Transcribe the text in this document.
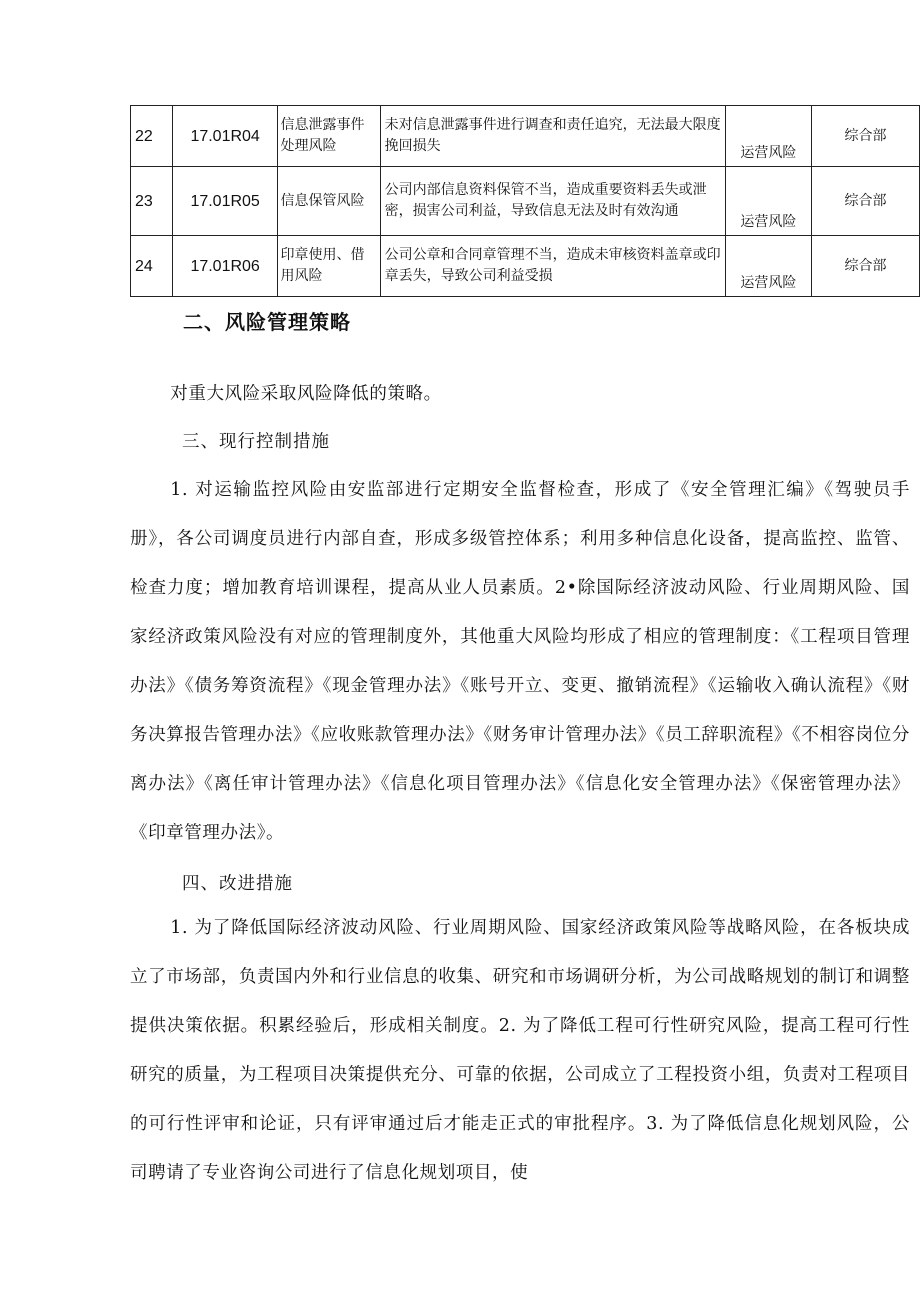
22	17.01R04	信息泄露事件处理风险	未对信息泄露事件进行调查和责任追究，无法最大限度挽回损失	运营风险	综合部
23	17.01R05	信息保管风险	公司内部信息资料保管不当，造成重要资料丢失或泄密，损害公司利益，导致信息无法及时有效沟通	运营风险	综合部
24	17.01R06	印章使用、借用风险	公司公章和合同章管理不当，造成未审核资料盖章或印章丢失，导致公司利益受损	运营风险	综合部
二、风险管理策略

对重大风险采取风险降低的策略。

三、现行控制措施

1. 对运输监控风险由安监部进行定期安全监督检查，形成了《安全管理汇编》《驾驶员手册》，各公司调度员进行内部自查，形成多级管控体系；利用多种信息化设备，提高监控、监管、检查力度；增加教育培训课程，提高从业人员素质。2•除国际经济波动风险、行业周期风险、国家经济政策风险没有对应的管理制度外，其他重大风险均形成了相应的管理制度：《工程项目管理办法》《债务筹资流程》《现金管理办法》《账号开立、变更、撤销流程》《运输收入确认流程》《财务决算报告管理办法》《应收账款管理办法》《财务审计管理办法》《员工辞职流程》《不相容岗位分离办法》《离任审计管理办法》《信息化项目管理办法》《信息化安全管理办法》《保密管理办法》《印章管理办法》。

四、改进措施

1. 为了降低国际经济波动风险、行业周期风险、国家经济政策风险等战略风险，在各板块成立了市场部，负责国内外和行业信息的收集、研究和市场调研分析，为公司战略规划的制订和调整提供决策依据。积累经验后，形成相关制度。2. 为了降低工程可行性研究风险，提高工程可行性研究的质量，为工程项目决策提供充分、可靠的依据，公司成立了工程投资小组，负责对工程项目的可行性评审和论证，只有评审通过后才能走正式的审批程序。3. 为了降低信息化规划风险，公司聘请了专业咨询公司进行了信息化规划项目，使
